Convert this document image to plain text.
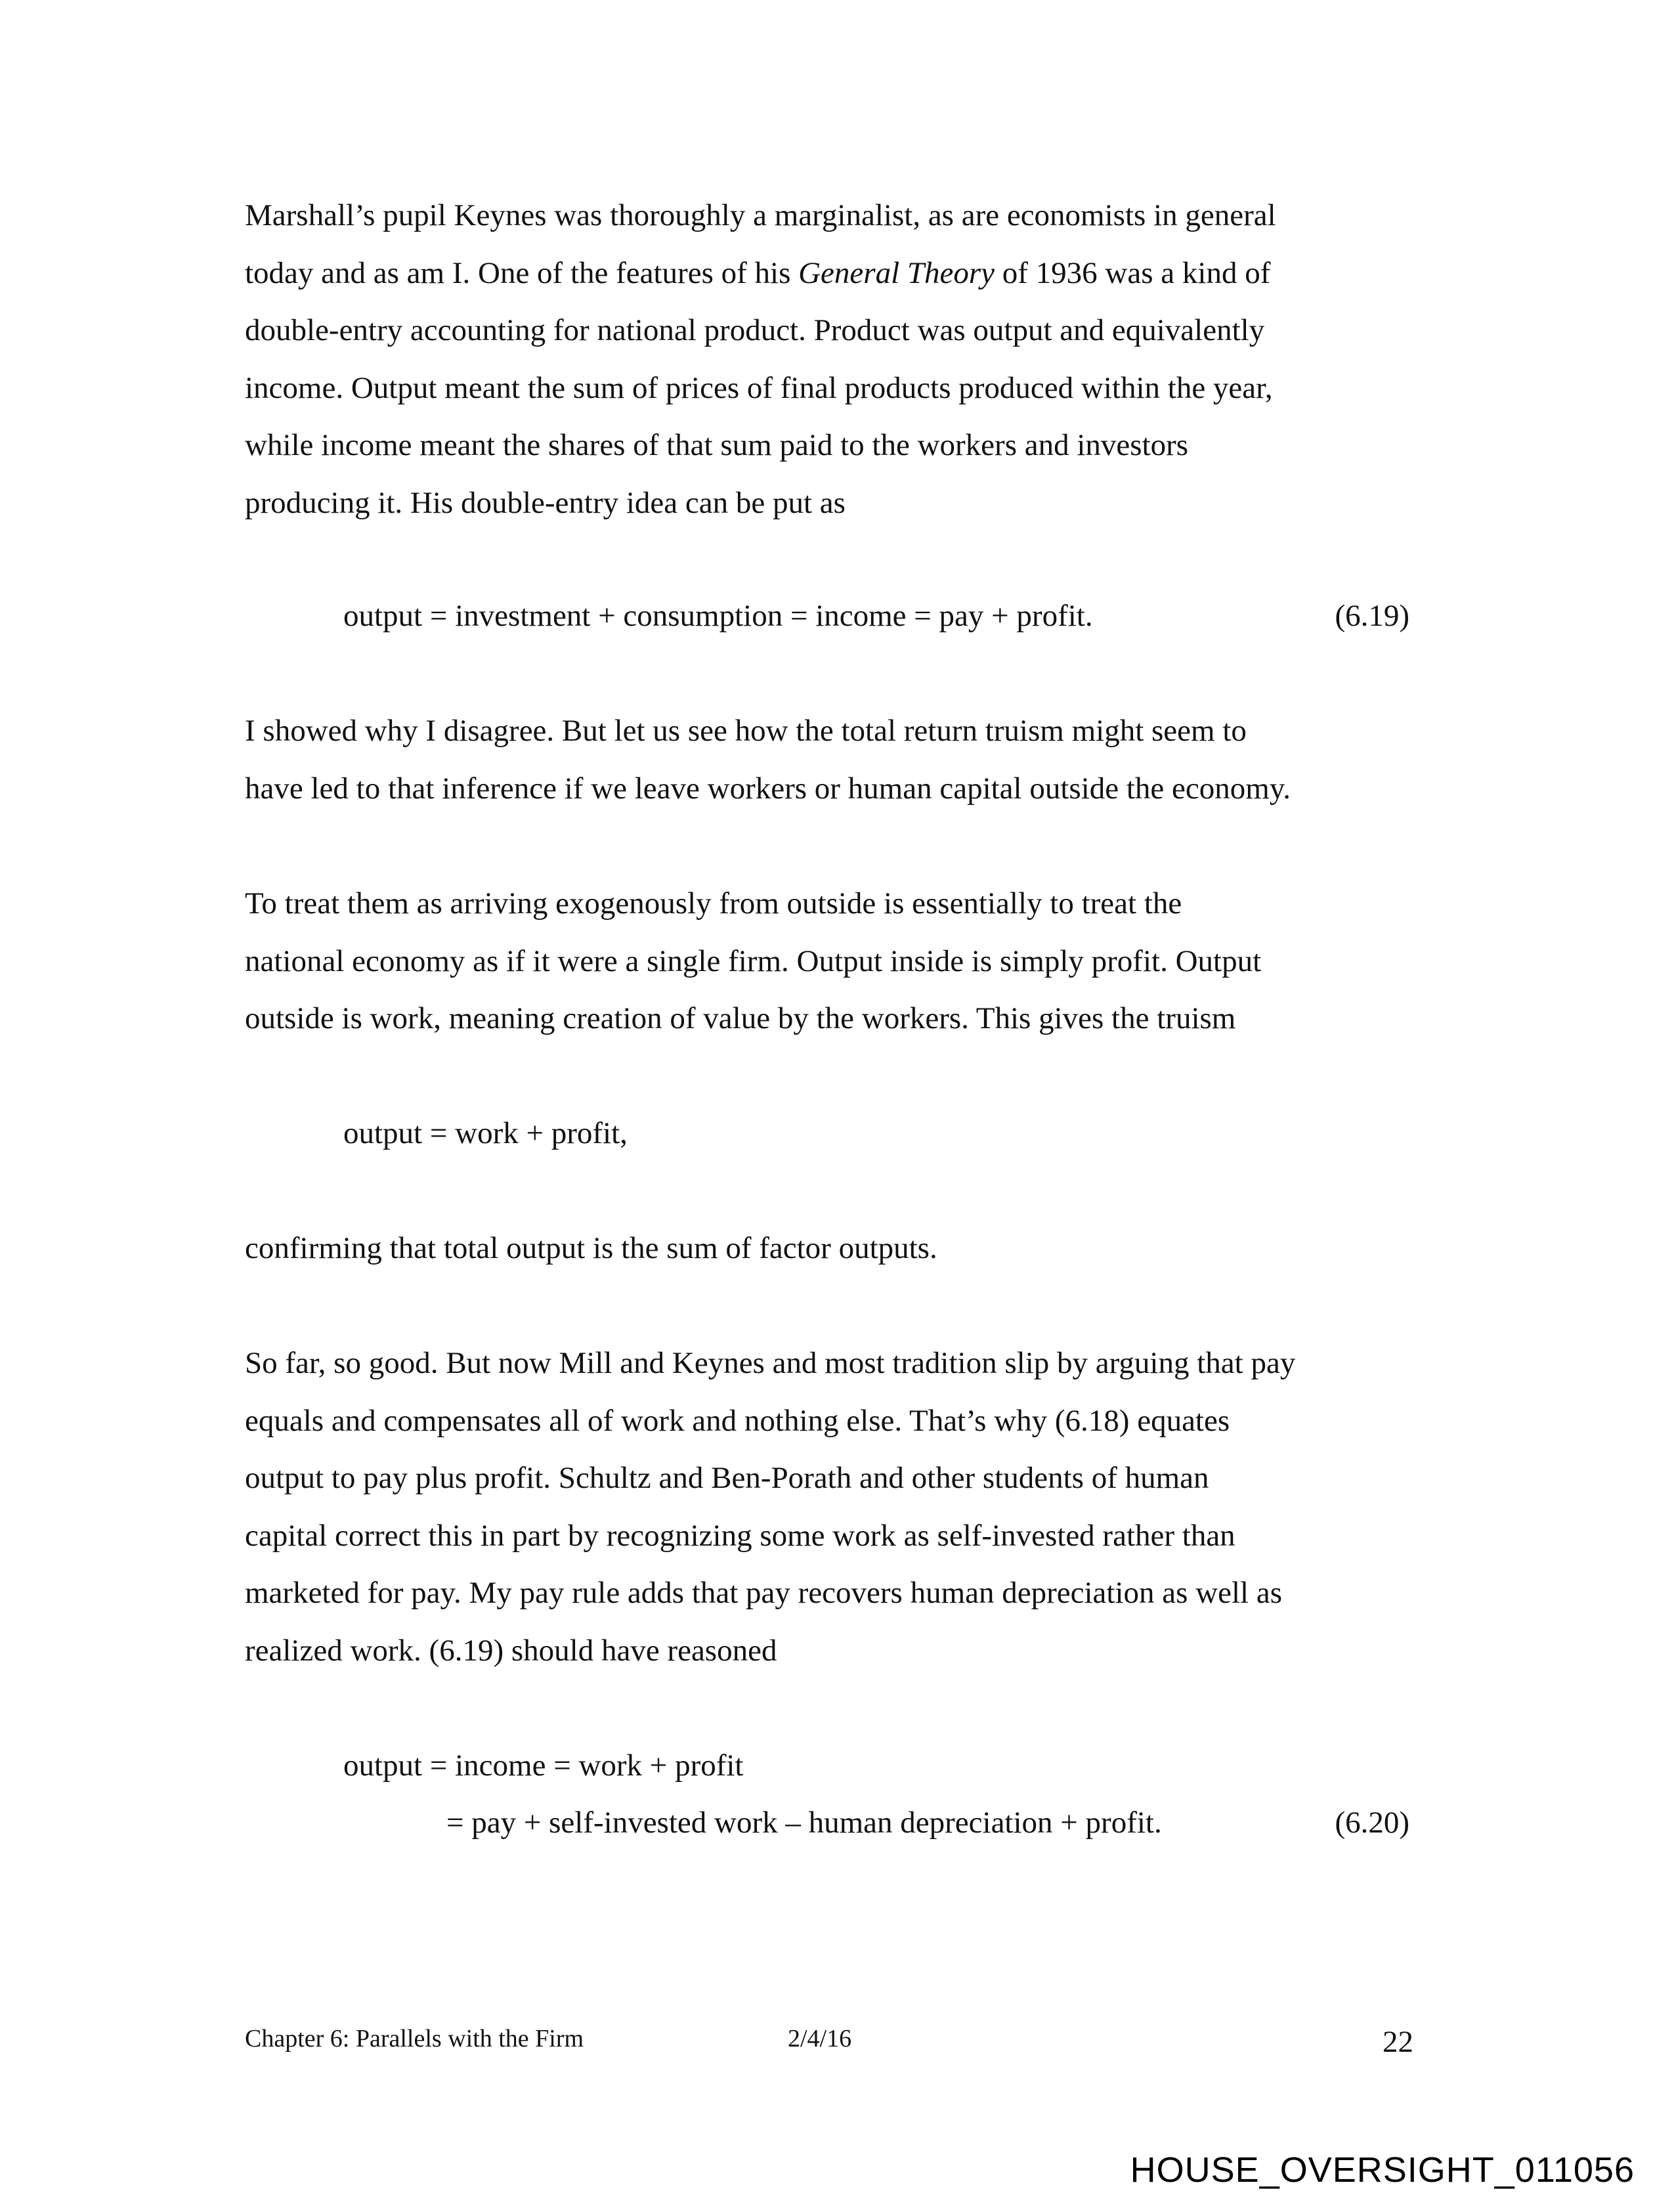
Marshall’s pupil Keynes was thoroughly a marginalist, as are economists in general
today and as am I. One of the features of his General Theory of 1936 was a kind of
double-entry accounting for national product. Product was output and equivalently
income. Output meant the sum of prices of final products produced within the year,
while income meant the shares of that sum paid to the workers and investors
producing it. His double-entry idea can be put as
output = investment + consumption = income = pay + profit.	(6.19)
I showed why I disagree. But let us see how the total return truism might seem to
have led to that inference if we leave workers or human capital outside the economy.
To treat them as arriving exogenously from outside is essentially to treat the
national economy as if it were a single firm. Output inside is simply profit. Output
outside is work, meaning creation of value by the workers. This gives the truism
output = work + profit,
confirming that total output is the sum of factor outputs.
So far, so good. But now Mill and Keynes and most tradition slip by arguing that pay
equals and compensates all of work and nothing else. That’s why (6.18) equates
output to pay plus profit. Schultz and Ben-Porath and other students of human
capital correct this in part by recognizing some work as self-invested rather than
marketed for pay. My pay rule adds that pay recovers human depreciation as well as
realized work. (6.19) should have reasoned
output = income = work + profit
= pay + self-invested work – human depreciation + profit.	(6.20)
Chapter 6: Parallels with the Firm	2/4/16	22
HOUSE_OVERSIGHT_011056
